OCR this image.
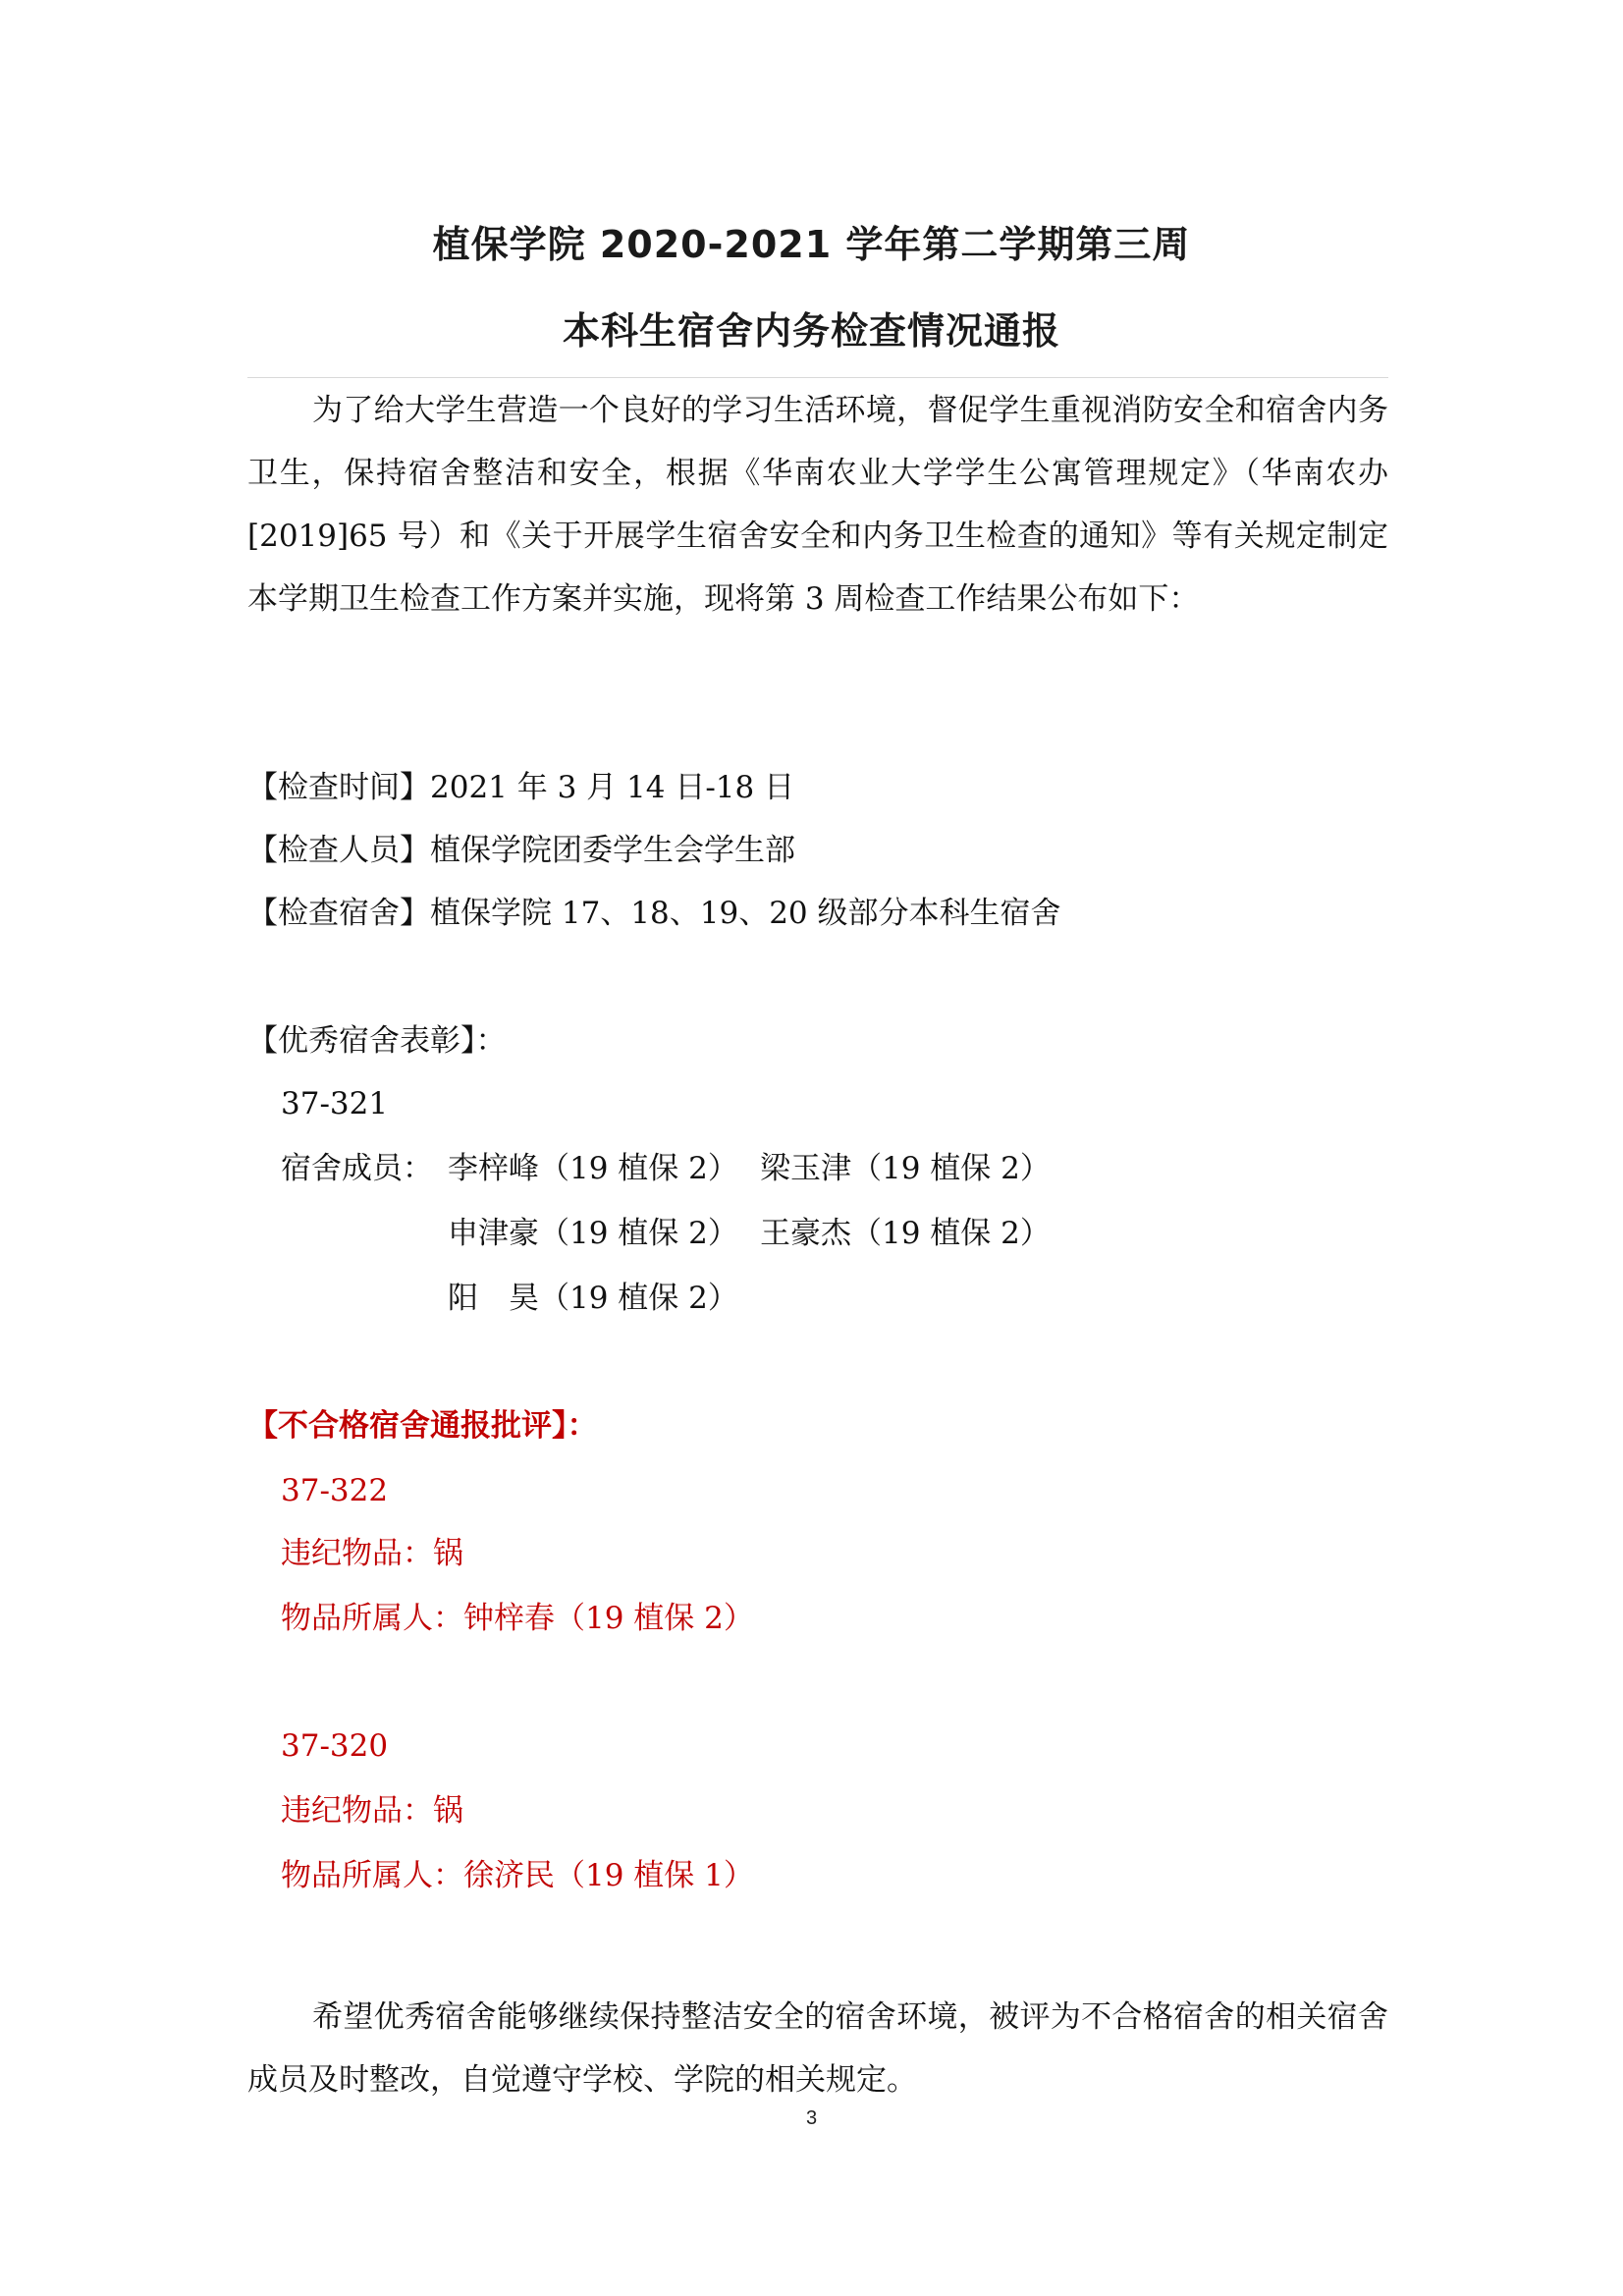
植保学院 2020-2021 学年第二学期第三周
本科生宿舍内务检查情况通报

为了给大学生营造一个良好的学习生活环境，督促学生重视消防安全和宿舍内务卫生，保持宿舍整洁和安全，根据《华南农业大学学生公寓管理规定》（华南农办[2019]65 号）和《关于开展学生宿舍安全和内务卫生检查的通知》等有关规定制定本学期卫生检查工作方案并实施，现将第 3 周检查工作结果公布如下：

【检查时间】2021 年 3 月 14 日-18 日
【检查人员】植保学院团委学生会学生部
【检查宿舍】植保学院 17、18、19、20 级部分本科生宿舍
【优秀宿舍表彰】：
37-321
宿舍成员： 李梓峰（19 植保 2） 梁玉津（19 植保 2）
申津豪（19 植保 2） 王豪杰（19 植保 2）
阳　昊（19 植保 2）
【不合格宿舍通报批评】：
37-322
违纪物品：锅
物品所属人：钟梓春（19 植保 2）
37-320
违纪物品：锅
物品所属人：徐济民（19 植保 1）

希望优秀宿舍能够继续保持整洁安全的宿舍环境，被评为不合格宿舍的相关宿舍成员及时整改，自觉遵守学校、学院的相关规定。

3
